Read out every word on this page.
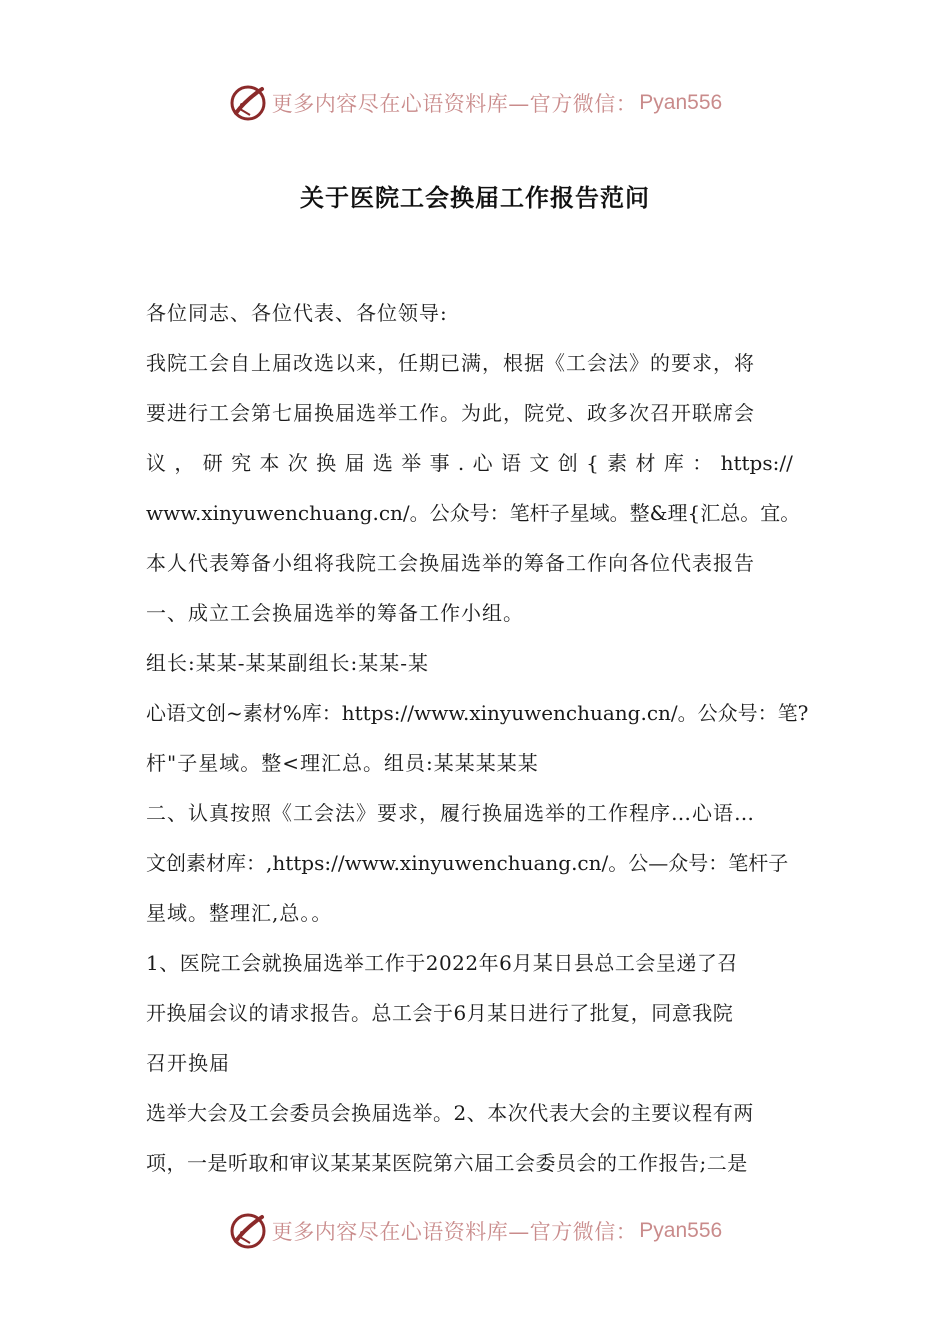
更多内容尽在心语资料库—官方微信： Pyan556
关于医院工会换届工作报告范问
各位同志、各位代表、各位领导:
我院工会自上届改选以来，任期已满，根据《工会法》的要求，将
要进行工会第七届换届选举工作。为此，院党、政多次召开联席会
议 ， 研 究 本 次 换 届 选 举 事 . 心 语 文 创 { 素 材 库 ： https://
www.xinyuwenchuang.cn/。公众号：笔杆子星域。整&理{汇总。宜。
本人代表筹备小组将我院工会换届选举的筹备工作向各位代表报告
一、成立工会换届选举的筹备工作小组。
组长:某某-某某副组长:某某-某
心语文创~素材%库：https://www.xinyuwenchuang.cn/。公众号：笔?
杆"子星域。整<理汇总。组员:某某某某某
二、认真按照《工会法》要求，履行换届选举的工作程序…心语…
文创素材库：,https://www.xinyuwenchuang.cn/。公—众号：笔杆子
星域。整理汇,总。。
1、医院工会就换届选举工作于2022年6月某日县总工会呈递了召
开换届会议的请求报告。总工会于6月某日进行了批复，同意我院
召开换届
选举大会及工会委员会换届选举。2、本次代表大会的主要议程有两
项，一是听取和审议某某某医院第六届工会委员会的工作报告;二是
更多内容尽在心语资料库—官方微信： Pyan556
